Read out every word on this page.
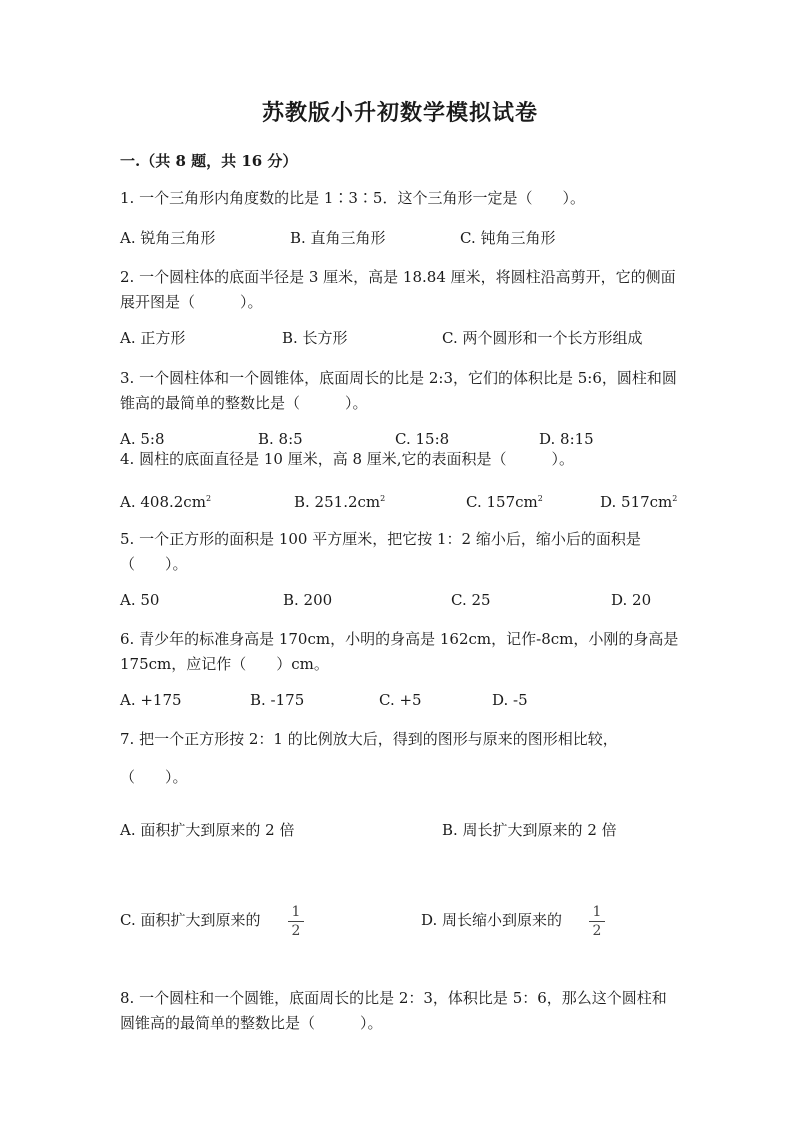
苏教版小升初数学模拟试卷
一.（共 8 题，共 16 分）
1. 一个三角形内角度数的比是 1∶3∶5．这个三角形一定是（　　）。
A. 锐角三角形	B. 直角三角形	C. 钝角三角形
2. 一个圆柱体的底面半径是 3 厘米，高是 18.84 厘米，将圆柱沿高剪开，它的侧面展开图是（　　　）。
A. 正方形	B. 长方形	C. 两个圆形和一个长方形组成
3. 一个圆柱体和一个圆锥体，底面周长的比是 2:3，它们的体积比是 5:6，圆柱和圆锥高的最简单的整数比是（　　　）。
A. 5:8	B. 8:5	C. 15:8	D. 8:15
4. 圆柱的底面直径是 10 厘米，高 8 厘米,它的表面积是（　　　）。
A. $408.2cm^2$	B. $251.2cm^2$	C. $157cm^2$	D. $517cm^2$
5. 一个正方形的面积是 100 平方厘米，把它按 1：2 缩小后，缩小后的面积是（　　）。
A. 50	B. 200	C. 25	D. 20
6. 青少年的标准身高是 170cm，小明的身高是 162cm，记作-8cm，小刚的身高是 175cm，应记作（　　）cm。
A. +175	B. -175	C. +5	D. -5
7. 把一个正方形按 2：1 的比例放大后，得到的图形与原来的图形相比较，
（　　）。
A. 面积扩大到原来的 2 倍	B. 周长扩大到原来的 2 倍
C. 面积扩大到原来的 $\frac{1}{2}$	D. 周长缩小到原来的 $\frac{1}{2}$
8. 一个圆柱和一个圆锥，底面周长的比是 2：3，体积比是 5：6，那么这个圆柱和圆锥高的最简单的整数比是（　　　）。
